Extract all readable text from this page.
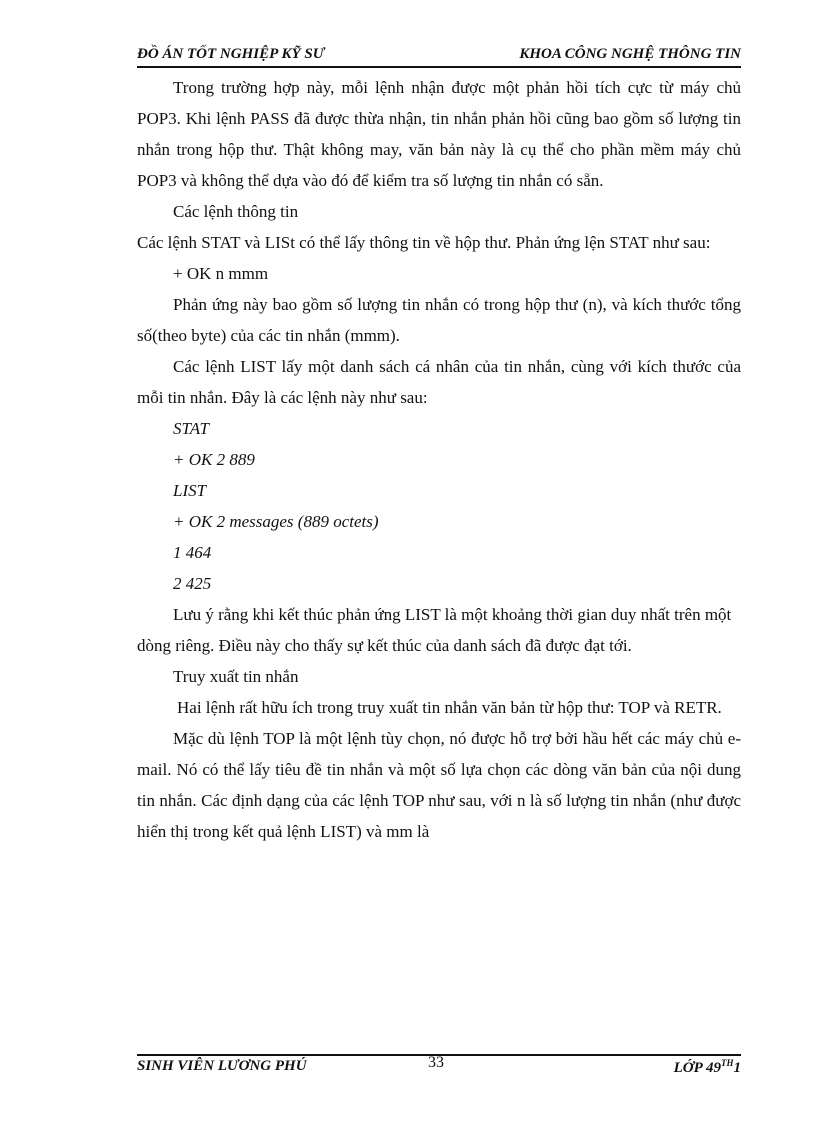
ĐỒ ÁN TỐT NGHIỆP KỸ SƯ	KHOA CÔNG NGHỆ THÔNG TIN

Trong trường hợp này, mỗi lệnh nhận được một phản hồi tích cực từ máy chủ POP3. Khi lệnh PASS đã được thừa nhận, tin nhắn phản hồi cũng bao gồm số lượng tin nhắn trong hộp thư. Thật không may, văn bản này là cụ thể cho phần mềm máy chủ POP3 và không thể dựa vào đó để kiểm tra số lượng tin nhắn có sẵn.

Các lệnh thông tin

Các lệnh STAT và LISt có thể lấy thông tin về hộp thư. Phản ứng lện STAT như sau:

+ OK n mmm

Phản ứng này bao gồm số lượng tin nhắn có trong hộp thư (n), và kích thước tổng số(theo byte) của các tin nhắn (mmm).

Các lệnh LIST lấy một danh sách cá nhân của tin nhắn, cùng với kích thước của mỗi tin nhắn. Đây là các lệnh này như sau:

STAT

+ OK 2 889

LIST

+ OK 2 messages (889 octets)

1 464

2 425

Lưu ý rằng khi kết thúc phản ứng LIST là một khoảng thời gian duy nhất trên một dòng riêng. Điều này cho thấy sự kết thúc của danh sách đã được đạt tới.

Truy xuất tin nhắn

Hai lệnh rất hữu ích trong truy xuất tin nhắn văn bản từ hộp thư: TOP và RETR.

Mặc dù lệnh TOP là một lệnh tùy chọn, nó được hỗ trợ bởi hầu hết các máy chủ e-mail. Nó có thể lấy tiêu đề tin nhắn và một số lựa chọn các dòng văn bản của nội dung tin nhắn. Các định dạng của các lệnh TOP như sau, với n là số lượng tin nhắn (như được hiển thị trong kết quả lệnh LIST) và mm là

SINH VIÊN LƯƠNG PHÚ	33	LỚP 49TH1
